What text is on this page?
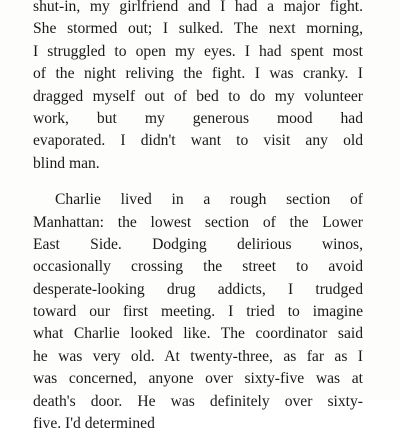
shut-in, my girlfriend and I had a major fight.
She stormed out; I sulked. The next morning,
I struggled to open my eyes. I had spent most
of the night reliving the fight. I was cranky. I
dragged myself out of bed to do my volunteer
work, but my generous mood had
evaporated. I didn't want to visit any old
blind man.

Charlie lived in a rough section of
Manhattan: the lowest section of the Lower
East Side. Dodging delirious winos,
occasionally crossing the street to avoid
desperate-looking drug addicts, I trudged
toward our first meeting. I tried to imagine
what Charlie looked like. The coordinator said
he was very old. At twenty-three, as far as I
was concerned, anyone over sixty-five was at
death's door. He was definitely over sixty-
five. I'd determined
